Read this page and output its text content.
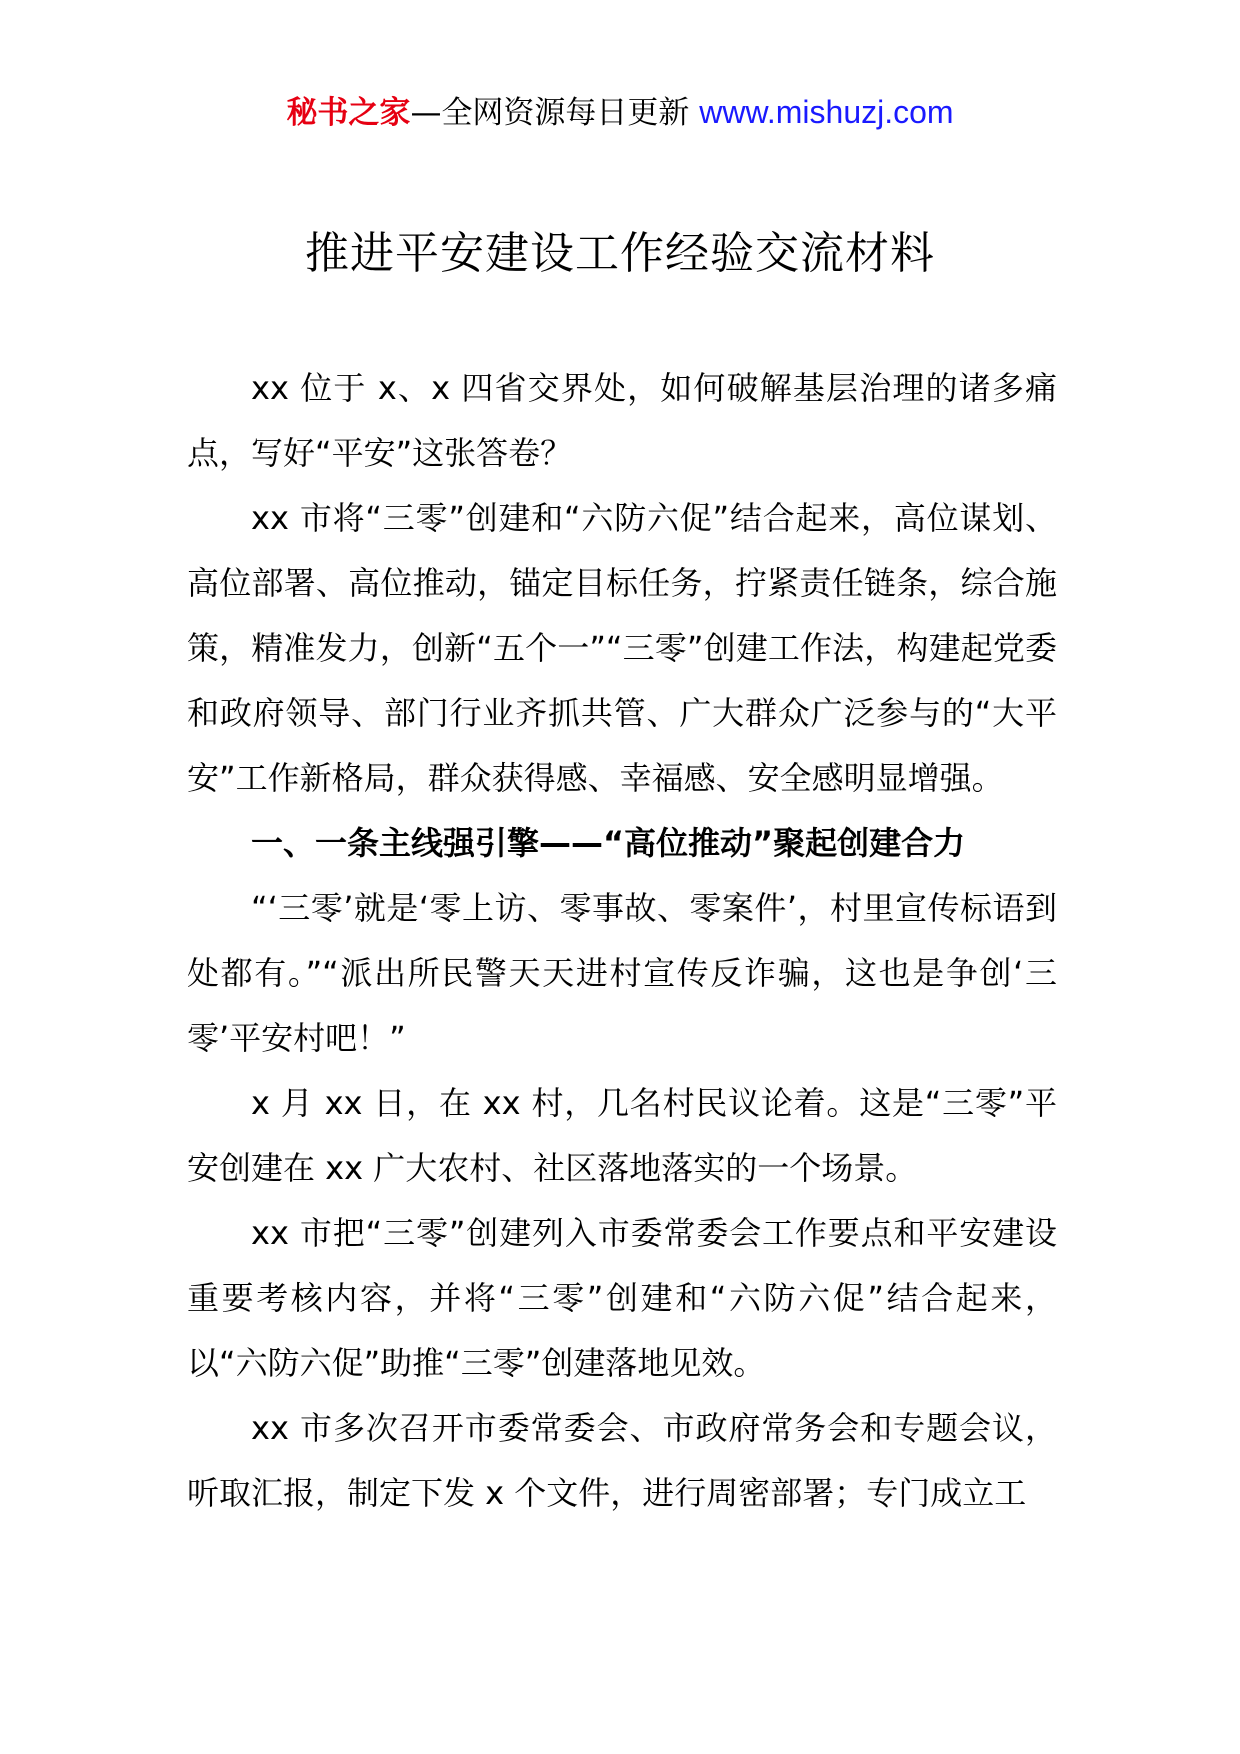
秘书之家—全网资源每日更新 www.mishuzj.com
推进平安建设工作经验交流材料

xx 位于 x、x 四省交界处，如何破解基层治理的诸多痛点，写好“平安”这张答卷？

xx 市将“三零”创建和“六防六促”结合起来，高位谋划、高位部署、高位推动，锚定目标任务，拧紧责任链条，综合施策，精准发力，创新“五个一”“三零”创建工作法，构建起党委和政府领导、部门行业齐抓共管、广大群众广泛参与的“大平安”工作新格局，群众获得感、幸福感、安全感明显增强。

一、一条主线强引擎——“高位推动”聚起创建合力

“‘三零’就是‘零上访、零事故、零案件’，村里宣传标语到处都有。”“派出所民警天天进村宣传反诈骗，这也是争创‘三零’平安村吧！”

x 月 xx 日，在 xx 村，几名村民议论着。这是“三零”平安创建在 xx 广大农村、社区落地落实的一个场景。

xx 市把“三零”创建列入市委常委会工作要点和平安建设重要考核内容，并将“三零”创建和“六防六促”结合起来，以“六防六促”助推“三零”创建落地见效。

xx 市多次召开市委常委会、市政府常务会和专题会议，听取汇报，制定下发 x 个文件，进行周密部署；专门成立工
